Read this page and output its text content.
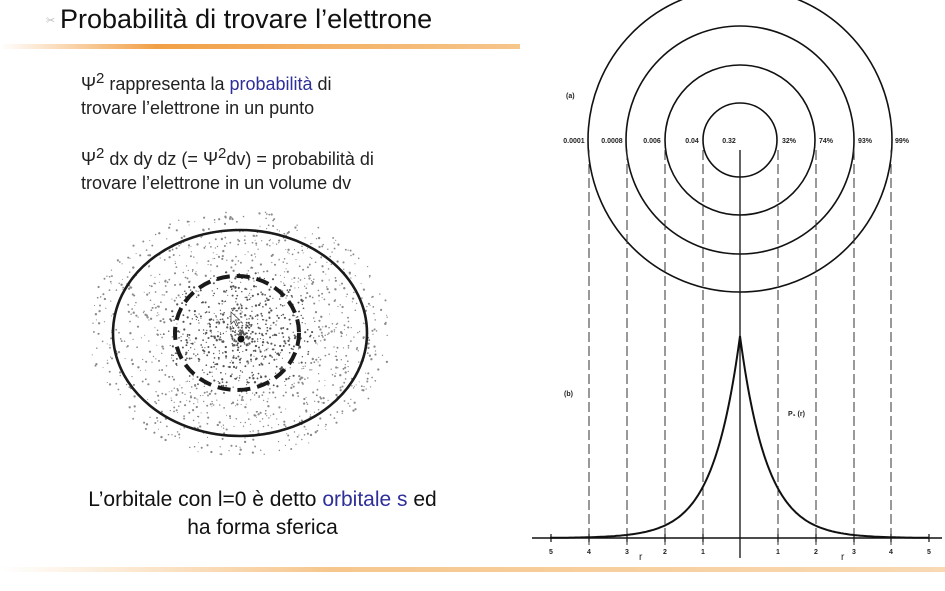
✂ Probabilità di trovare l’elettrone

$\Psi^2$ rappresenta la probabilità di
trovare l’elettrone in un punto

$\Psi^2$ dx dy dz (= $\Psi^2dv$) = probabilità di
trovare l’elettrone in un volume dv

L’orbitale con l=0 è detto orbitale s ed
ha forma sferica

0.0001 0.0008	0.006	0.04	0.32	32%	74%	93%	99%
(a)
(b)
P₁ (r)
5	4	3	2	1	1	2	3	4	5
r	r
